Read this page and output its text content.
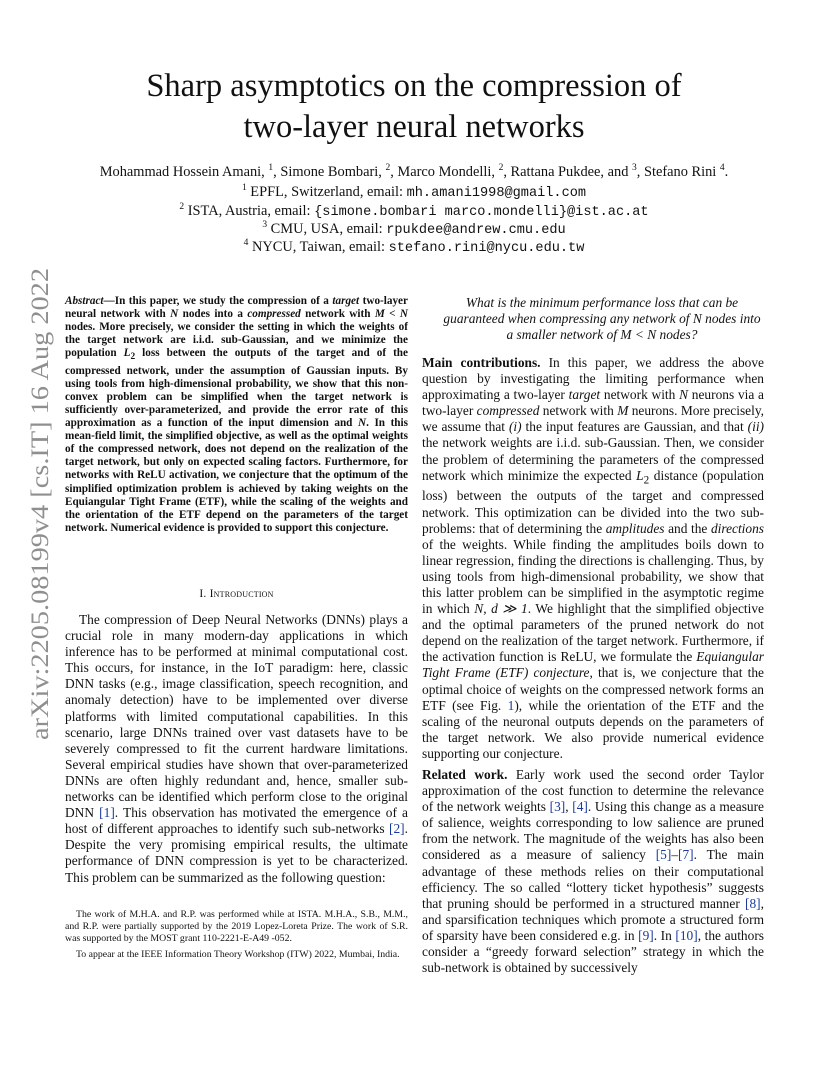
arXiv:2205.08199v4 [cs.IT] 16 Aug 2022
Sharp asymptotics on the compression of
two-layer neural networks
Mohammad Hossein Amani, $^1$, Simone Bombari, $^2$, Marco Mondelli, $^2$, Rattana Pukdee, and $^3$, Stefano Rini $^4$.
$^1$ EPFL, Switzerland, email: mh.amani1998@gmail.com
$^2$ ISTA, Austria, email: {simone.bombari marco.mondelli}@ist.ac.at
$^3$ CMU, USA, email: rpukdee@andrew.cmu.edu
$^4$ NYCU, Taiwan, email: stefano.rini@nycu.edu.tw

Abstract—In this paper, we study the compression of a target two-layer neural network with N nodes into a compressed network with M < N nodes. More precisely, we consider the setting in which the weights of the target network are i.i.d. sub-Gaussian, and we minimize the population $L_2$ loss between the outputs of the target and of the compressed network, under the assumption of Gaussian inputs. By using tools from high-dimensional probability, we show that this non-convex problem can be simplified when the target network is sufficiently over-parameterized, and provide the error rate of this approximation as a function of the input dimension and N. In this mean-field limit, the simplified objective, as well as the optimal weights of the compressed network, does not depend on the realization of the target network, but only on expected scaling factors. Furthermore, for networks with ReLU activation, we conjecture that the optimum of the simplified optimization problem is achieved by taking weights on the Equiangular Tight Frame (ETF), while the scaling of the weights and the orientation of the ETF depend on the parameters of the target network. Numerical evidence is provided to support this conjecture.

I. Introduction

The compression of Deep Neural Networks (DNNs) plays a crucial role in many modern-day applications in which inference has to be performed at minimal computational cost. This occurs, for instance, in the IoT paradigm: here, classic DNN tasks (e.g., image classification, speech recognition, and anomaly detection) have to be implemented over diverse platforms with limited computational capabilities. In this scenario, large DNNs trained over vast datasets have to be severely compressed to fit the current hardware limitations. Several empirical studies have shown that over-parameterized DNNs are often highly redundant and, hence, smaller sub-networks can be identified which perform close to the original DNN [1]. This observation has motivated the emergence of a host of different approaches to identify such sub-networks [2]. Despite the very promising empirical results, the ultimate performance of DNN compression is yet to be characterized. This problem can be summarized as the following question:

The work of M.H.A. and R.P. was performed while at ISTA. M.H.A., S.B., M.M., and R.P. were partially supported by the 2019 Lopez-Loreta Prize. The work of S.R. was supported by the MOST grant 110-2221-E-A49 -052.

To appear at the IEEE Information Theory Workshop (ITW) 2022, Mumbai, India.

What is the minimum performance loss that can be guaranteed when compressing any network of N nodes into a smaller network of M < N nodes?

Main contributions. In this paper, we address the above question by investigating the limiting performance when approximating a two-layer target network with N neurons via a two-layer compressed network with M neurons. More precisely, we assume that (i) the input features are Gaussian, and that (ii) the network weights are i.i.d. sub-Gaussian. Then, we consider the problem of determining the parameters of the compressed network which minimize the expected $L_2$ distance (population loss) between the outputs of the target and compressed network. This optimization can be divided into the two sub-problems: that of determining the amplitudes and the directions of the weights. While finding the amplitudes boils down to linear regression, finding the directions is challenging. Thus, by using tools from high-dimensional probability, we show that this latter problem can be simplified in the asymptotic regime in which N, d ≫ 1. We highlight that the simplified objective and the optimal parameters of the pruned network do not depend on the realization of the target network. Furthermore, if the activation function is ReLU, we formulate the Equiangular Tight Frame (ETF) conjecture, that is, we conjecture that the optimal choice of weights on the compressed network forms an ETF (see Fig. 1), while the orientation of the ETF and the scaling of the neuronal outputs depends on the parameters of the target network. We also provide numerical evidence supporting our conjecture.

Related work. Early work used the second order Taylor approximation of the cost function to determine the relevance of the network weights [3], [4]. Using this change as a measure of salience, weights corresponding to low salience are pruned from the network. The magnitude of the weights has also been considered as a measure of saliency [5]–[7]. The main advantage of these methods relies on their computational efficiency. The so called “lottery ticket hypothesis” suggests that pruning should be performed in a structured manner [8], and sparsification techniques which promote a structured form of sparsity have been considered e.g. in [9]. In [10], the authors consider a “greedy forward selection” strategy in which the sub-network is obtained by successively
